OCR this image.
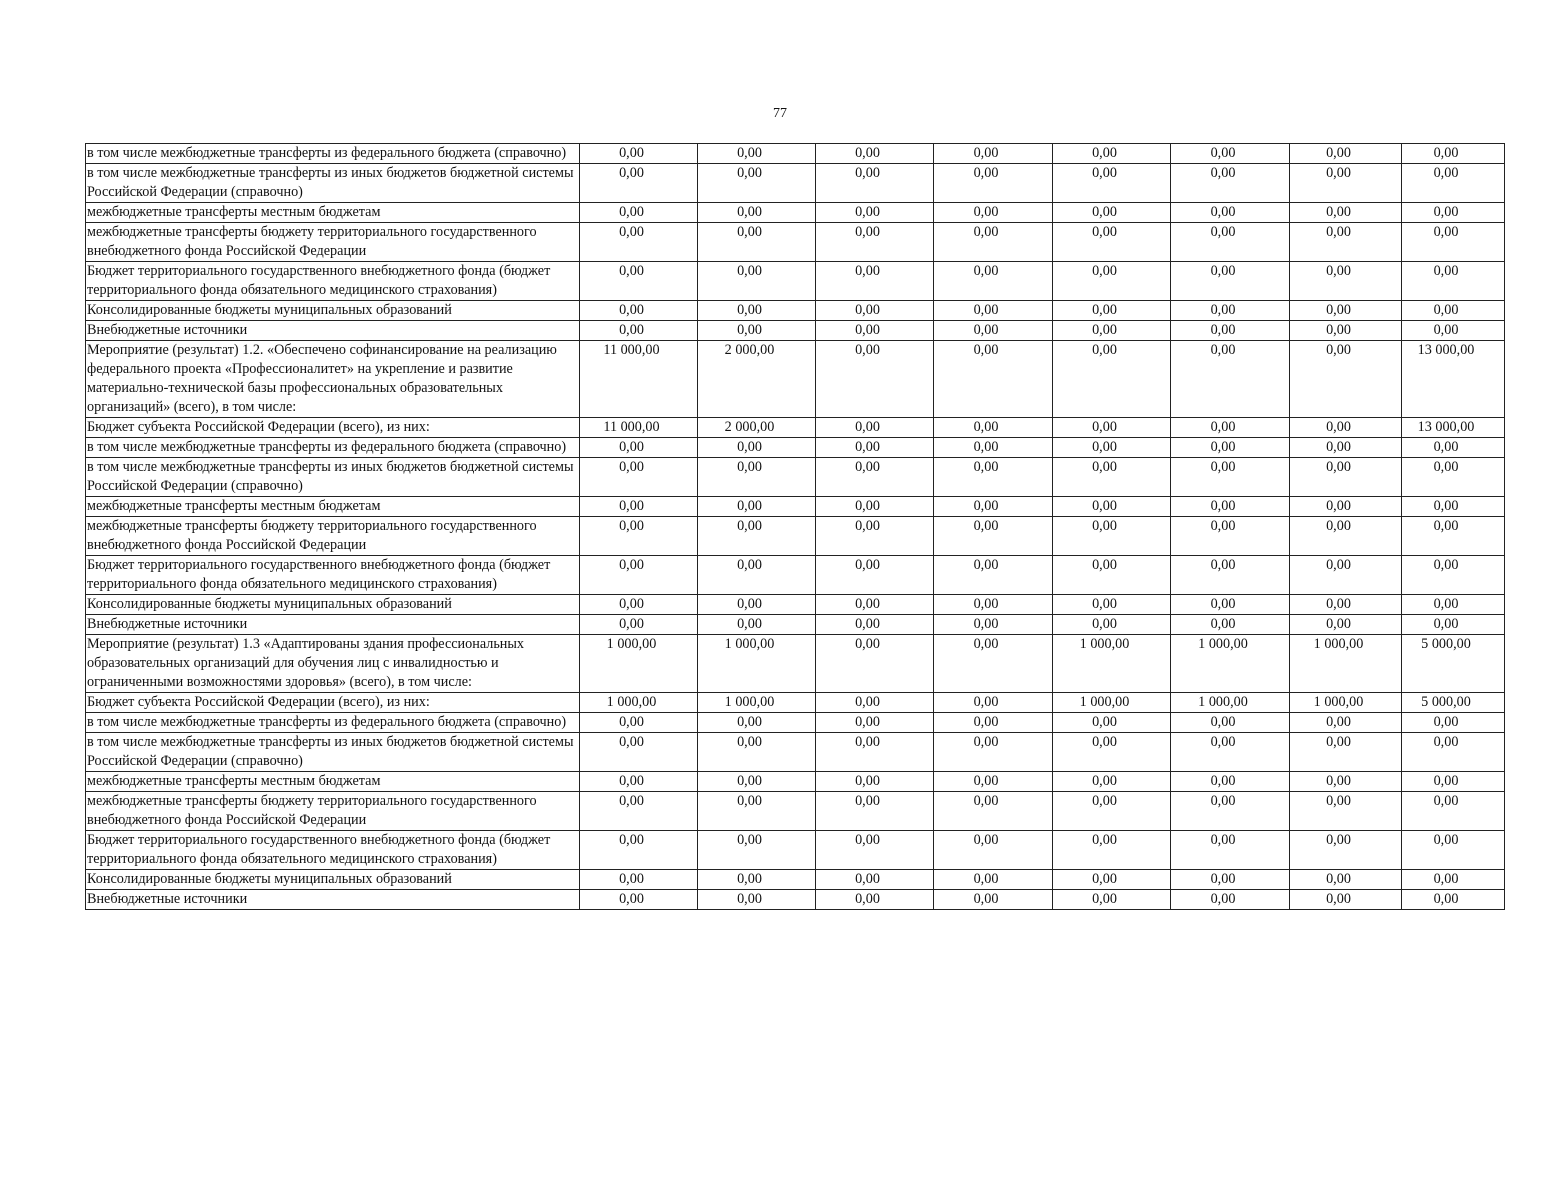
77
в том числе межбюджетные трансферты из федерального бюджета (справочно)	0,00	0,00	0,00	0,00	0,00	0,00	0,00	0,00
в том числе межбюджетные трансферты из иных бюджетов бюджетной системы Российской Федерации (справочно)	0,00	0,00	0,00	0,00	0,00	0,00	0,00	0,00
межбюджетные трансферты местным бюджетам	0,00	0,00	0,00	0,00	0,00	0,00	0,00	0,00
межбюджетные трансферты бюджету территориального государственного внебюджетного фонда Российской Федерации	0,00	0,00	0,00	0,00	0,00	0,00	0,00	0,00
Бюджет территориального государственного внебюджетного фонда (бюджет территориального фонда обязательного медицинского страхования)	0,00	0,00	0,00	0,00	0,00	0,00	0,00	0,00
Консолидированные бюджеты муниципальных образований	0,00	0,00	0,00	0,00	0,00	0,00	0,00	0,00
Внебюджетные источники	0,00	0,00	0,00	0,00	0,00	0,00	0,00	0,00
Мероприятие (результат) 1.2. «Обеспечено софинансирование на реализацию федерального проекта «Профессионалитет» на укрепление и развитие материально-технической базы профессиональных образовательных организаций» (всего), в том числе:	11 000,00	2 000,00	0,00	0,00	0,00	0,00	0,00	13 000,00
Бюджет субъекта Российской Федерации (всего), из них:	11 000,00	2 000,00	0,00	0,00	0,00	0,00	0,00	13 000,00
в том числе межбюджетные трансферты из федерального бюджета (справочно)	0,00	0,00	0,00	0,00	0,00	0,00	0,00	0,00
в том числе межбюджетные трансферты из иных бюджетов бюджетной системы Российской Федерации (справочно)	0,00	0,00	0,00	0,00	0,00	0,00	0,00	0,00
межбюджетные трансферты местным бюджетам	0,00	0,00	0,00	0,00	0,00	0,00	0,00	0,00
межбюджетные трансферты бюджету территориального государственного внебюджетного фонда Российской Федерации	0,00	0,00	0,00	0,00	0,00	0,00	0,00	0,00
Бюджет территориального государственного внебюджетного фонда (бюджет территориального фонда обязательного медицинского страхования)	0,00	0,00	0,00	0,00	0,00	0,00	0,00	0,00
Консолидированные бюджеты муниципальных образований	0,00	0,00	0,00	0,00	0,00	0,00	0,00	0,00
Внебюджетные источники	0,00	0,00	0,00	0,00	0,00	0,00	0,00	0,00
Мероприятие (результат) 1.3 «Адаптированы здания профессиональных образовательных организаций для обучения лиц с инвалидностью и ограниченными возможностями здоровья» (всего), в том числе:	1 000,00	1 000,00	0,00	0,00	1 000,00	1 000,00	1 000,00	5 000,00
Бюджет субъекта Российской Федерации (всего), из них:	1 000,00	1 000,00	0,00	0,00	1 000,00	1 000,00	1 000,00	5 000,00
в том числе межбюджетные трансферты из федерального бюджета (справочно)	0,00	0,00	0,00	0,00	0,00	0,00	0,00	0,00
в том числе межбюджетные трансферты из иных бюджетов бюджетной системы Российской Федерации (справочно)	0,00	0,00	0,00	0,00	0,00	0,00	0,00	0,00
межбюджетные трансферты местным бюджетам	0,00	0,00	0,00	0,00	0,00	0,00	0,00	0,00
межбюджетные трансферты бюджету территориального государственного внебюджетного фонда Российской Федерации	0,00	0,00	0,00	0,00	0,00	0,00	0,00	0,00
Бюджет территориального государственного внебюджетного фонда (бюджет территориального фонда обязательного медицинского страхования)	0,00	0,00	0,00	0,00	0,00	0,00	0,00	0,00
Консолидированные бюджеты муниципальных образований	0,00	0,00	0,00	0,00	0,00	0,00	0,00	0,00
Внебюджетные источники	0,00	0,00	0,00	0,00	0,00	0,00	0,00	0,00
